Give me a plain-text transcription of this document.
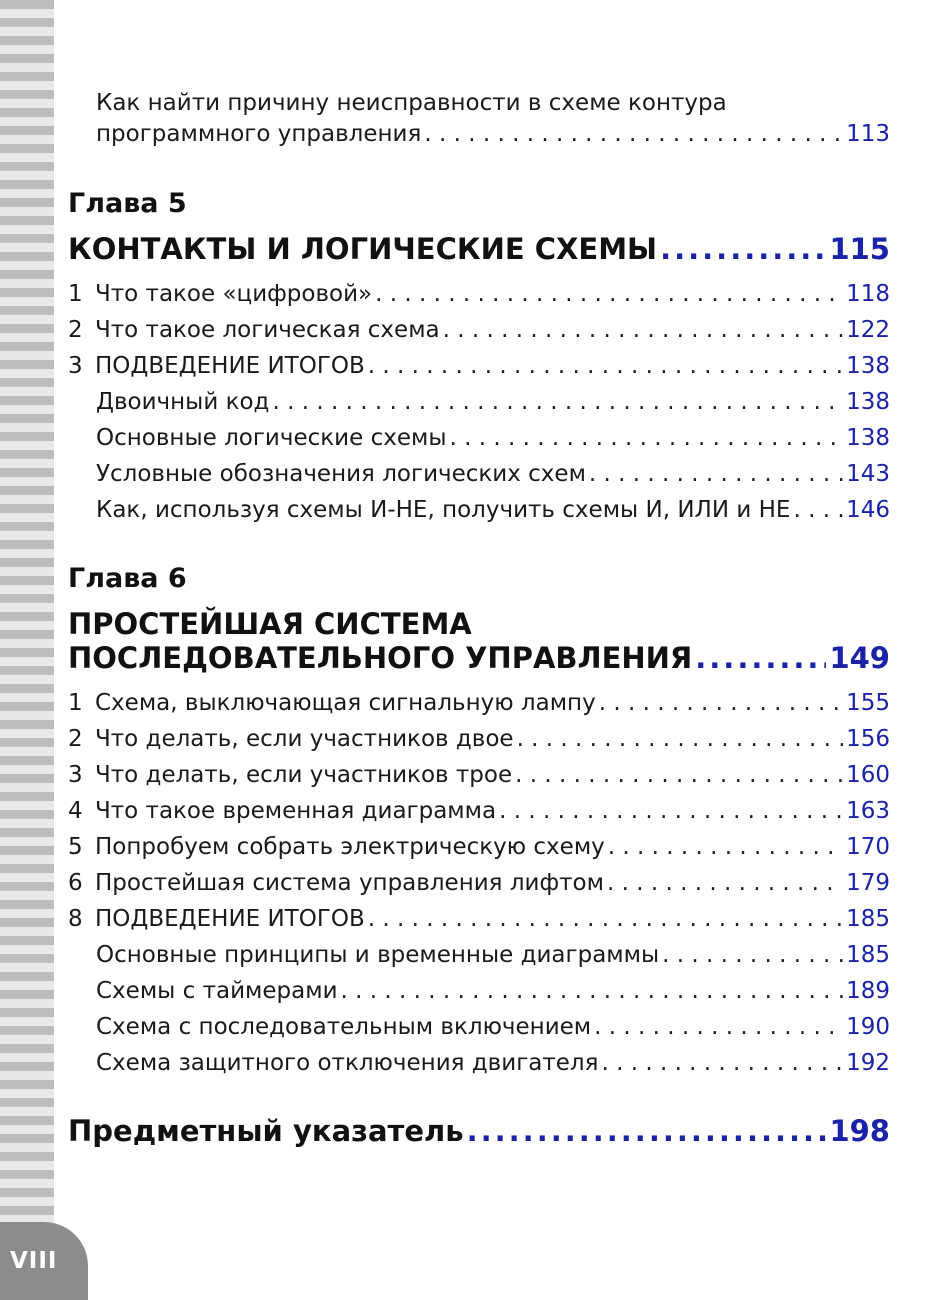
VIII
Как найти причину неисправности в схеме контура
программного управления . . .	113
Глава 5
КОНТАКТЫ И ЛОГИЧЕСКИЕ СХЕМЫ .....	115
1 Что такое «цифровой» . . .	118
2 Что такое логическая схема . . .	122
3 ПОДВЕДЕНИЕ ИТОГОВ . . .	138
Двоичный код . . .	138
Основные логические схемы . . .	138
Условные обозначения логических схем . . .	143
Как, используя схемы И-НЕ, получить схемы И, ИЛИ и НЕ . . . 146
Глава 6
ПРОСТЕЙШАЯ СИСТЕМА
ПОСЛЕДОВАТЕЛЬНОГО УПРАВЛЕНИЯ .....	149
1 Схема, выключающая сигнальную лампу . . .	155
2 Что делать, если участников двое . . .	156
3 Что делать, если участников трое . . .	160
4 Что такое временная диаграмма . . .	163
5 Попробуем собрать электрическую схему . . .	170
6 Простейшая система управления лифтом . . .	179
8 ПОДВЕДЕНИЕ ИТОГОВ . . .	185
Основные принципы и временные диаграммы . . .	185
Схемы с таймерами . . .	189
Схема с последовательным включением . . .	190
Схема защитного отключения двигателя . . .	192
Предметный указатель .....	198
